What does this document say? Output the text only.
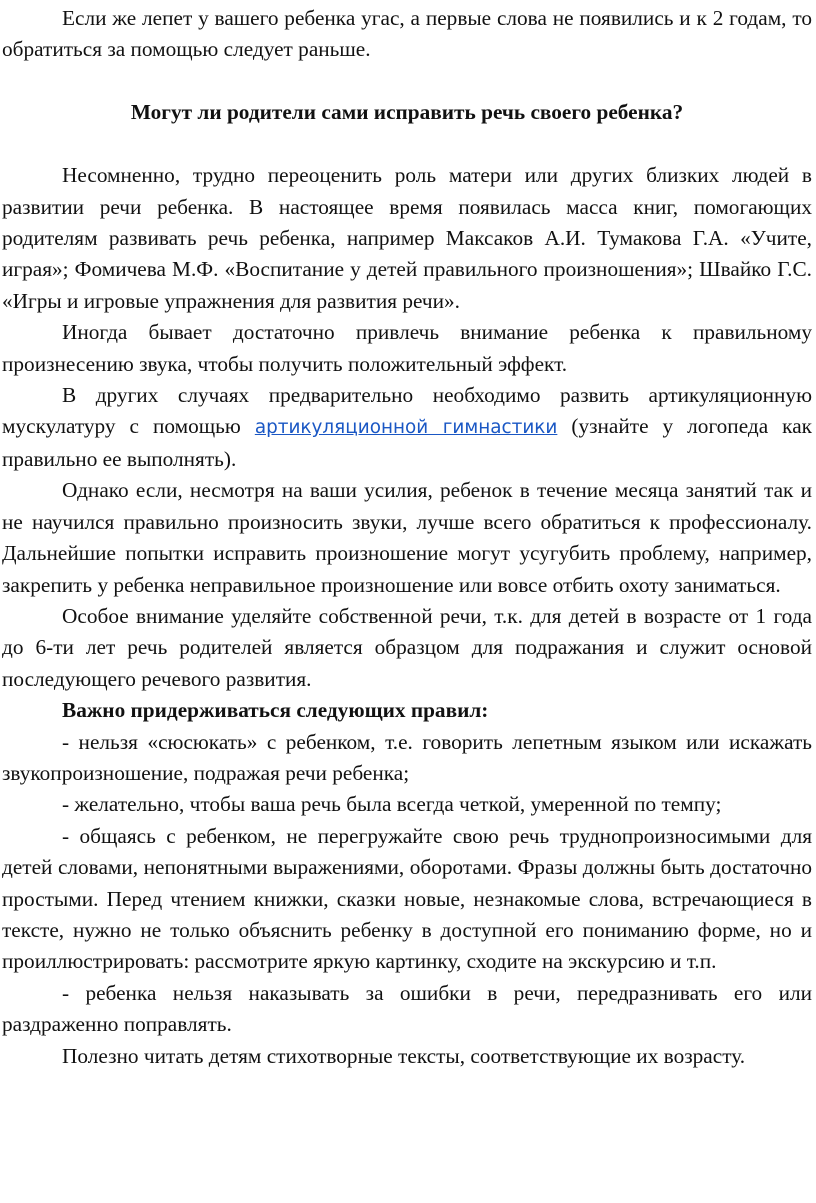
Если же лепет у вашего ребенка угас, а первые слова не появились и к 2 годам, то обратиться за помощью следует раньше.

Могут ли родители сами исправить речь своего ребенка?

Несомненно, трудно переоценить роль матери или других близких людей в развитии речи ребенка. В настоящее время появилась масса книг, помогающих родителям развивать речь ребенка, например Максаков А.И. Тумакова Г.А. «Учите, играя»; Фомичева М.Ф. «Воспитание у детей правильного произношения»; Швайко Г.С. «Игры и игровые упражнения для развития речи».

Иногда бывает достаточно привлечь внимание ребенка к правильному произнесению звука, чтобы получить положительный эффект.

В других случаях предварительно необходимо развить артикуляционную мускулатуру с помощью артикуляционной гимнастики (узнайте у логопеда как правильно ее выполнять).

Однако если, несмотря на ваши усилия, ребенок в течение месяца занятий так и не научился правильно произносить звуки, лучше всего обратиться к профессионалу. Дальнейшие попытки исправить произношение могут усугубить проблему, например, закрепить у ребенка неправильное произношение или вовсе отбить охоту заниматься.

Особое внимание уделяйте собственной речи, т.к. для детей в возрасте от 1 года до 6-ти лет речь родителей является образцом для подражания и служит основой последующего речевого развития.

Важно придерживаться следующих правил:

- нельзя «сюсюкать» с ребенком, т.е. говорить лепетным языком или искажать звукопроизношение, подражая речи ребенка;

- желательно, чтобы ваша речь была всегда четкой, умеренной по темпу;

- общаясь с ребенком, не перегружайте свою речь труднопроизносимыми для детей словами, непонятными выражениями, оборотами. Фразы должны быть достаточно простыми. Перед чтением книжки, сказки новые, незнакомые слова, встречающиеся в тексте, нужно не только объяснить ребенку в доступной его пониманию форме, но и проиллюстрировать: рассмотрите яркую картинку, сходите на экскурсию и т.п.

- ребенка нельзя наказывать за ошибки в речи, передразнивать его или раздраженно поправлять.

Полезно читать детям стихотворные тексты, соответствующие их возрасту.
